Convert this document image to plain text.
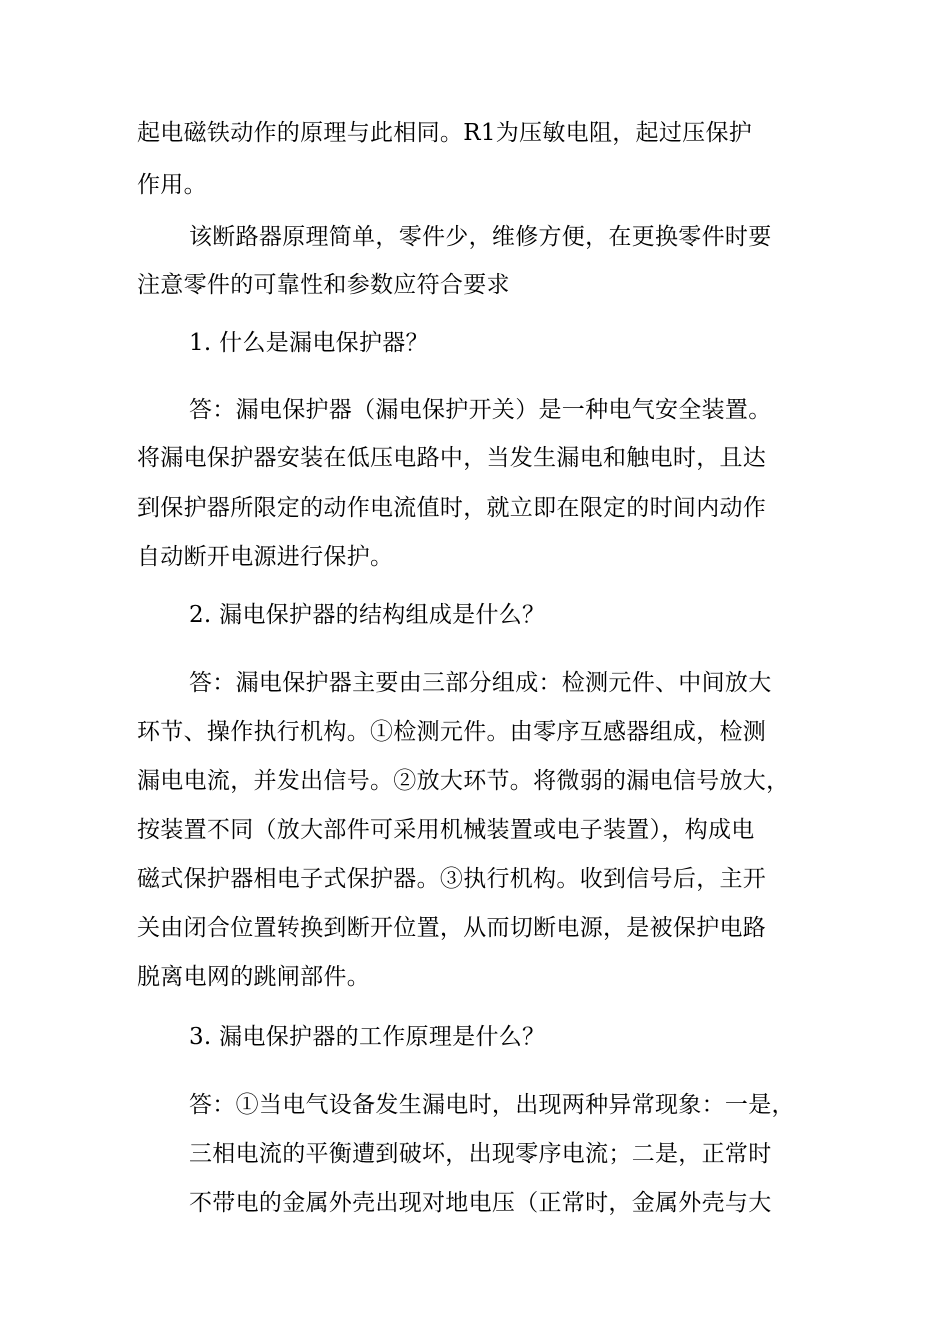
起电磁铁动作的原理与此相同。R1为压敏电阻，起过压保护
作用。
该断路器原理简单，零件少，维修方便，在更换零件时要
注意零件的可靠性和参数应符合要求
1. 什么是漏电保护器？
答：漏电保护器（漏电保护开关）是一种电气安全装置。
将漏电保护器安装在低压电路中，当发生漏电和触电时，且达
到保护器所限定的动作电流值时，就立即在限定的时间内动作
自动断开电源进行保护。
2. 漏电保护器的结构组成是什么？
答：漏电保护器主要由三部分组成：检测元件、中间放大
环节、操作执行机构。①检测元件。由零序互感器组成，检测
漏电电流，并发出信号。②放大环节。将微弱的漏电信号放大，
按装置不同（放大部件可采用机械装置或电子装置），构成电
磁式保护器相电子式保护器。③执行机构。收到信号后，主开
关由闭合位置转换到断开位置，从而切断电源，是被保护电路
脱离电网的跳闸部件。
3. 漏电保护器的工作原理是什么？
答：①当电气设备发生漏电时，出现两种异常现象：一是，
三相电流的平衡遭到破坏，出现零序电流；二是，正常时
不带电的金属外壳出现对地电压（正常时，金属外壳与大
